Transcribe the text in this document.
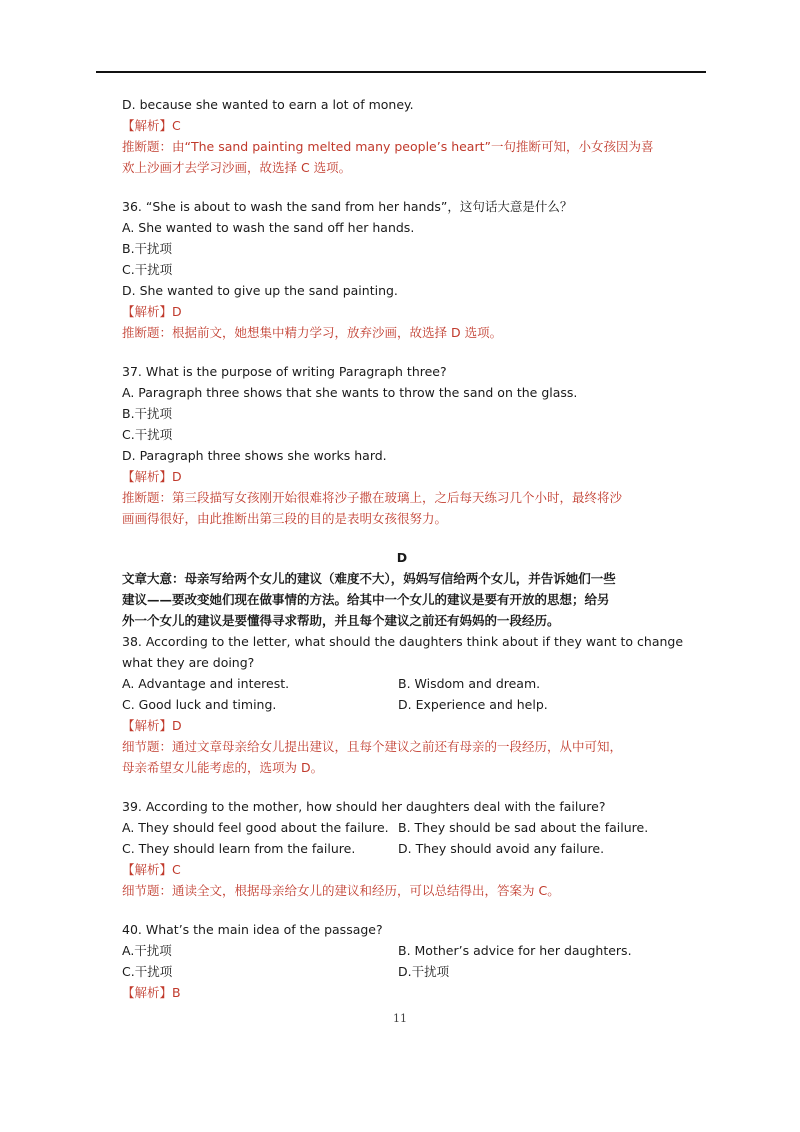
D. because she wanted to earn a lot of money.
【解析】C
推断题：由“The sand painting melted many people’s heart”一句推断可知，小女孩因为喜
欢上沙画才去学习沙画，故选择 C 选项。
36. “She is about to wash the sand from her hands”，这句话大意是什么？
A. She wanted to wash the sand off her hands.
B.干扰项
C.干扰项
D. She wanted to give up the sand painting.
【解析】D
推断题：根据前文，她想集中精力学习，放弃沙画，故选择 D 选项。
37. What is the purpose of writing Paragraph three?
A. Paragraph three shows that she wants to throw the sand on the glass.
B.干扰项
C.干扰项
D. Paragraph three shows she works hard.
【解析】D
推断题：第三段描写女孩刚开始很难将沙子撒在玻璃上，之后每天练习几个小时，最终将沙
画画得很好，由此推断出第三段的目的是表明女孩很努力。
D
文章大意：母亲写给两个女儿的建议（难度不大），妈妈写信给两个女儿，并告诉她们一些
建议——要改变她们现在做事情的方法。给其中一个女儿的建议是要有开放的思想；给另
外一个女儿的建议是要懂得寻求帮助，并且每个建议之前还有妈妈的一段经历。
38. According to the letter, what should the daughters think about if they want to change
what they are doing?
A. Advantage and interest.	B. Wisdom and dream.
C. Good luck and timing.	D. Experience and help.
【解析】D
细节题：通过文章母亲给女儿提出建议，且每个建议之前还有母亲的一段经历，从中可知，
母亲希望女儿能考虑的，选项为 D。
39. According to the mother, how should her daughters deal with the failure?
A. They should feel good about the failure. B. They should be sad about the failure.
C. They should learn from the failure.	D. They should avoid any failure.
【解析】C
细节题：通读全文，根据母亲给女儿的建议和经历，可以总结得出，答案为 C。
40. What’s the main idea of the passage?
A.干扰项	B. Mother’s advice for her daughters.
C.干扰项	D.干扰项
【解析】B
11
